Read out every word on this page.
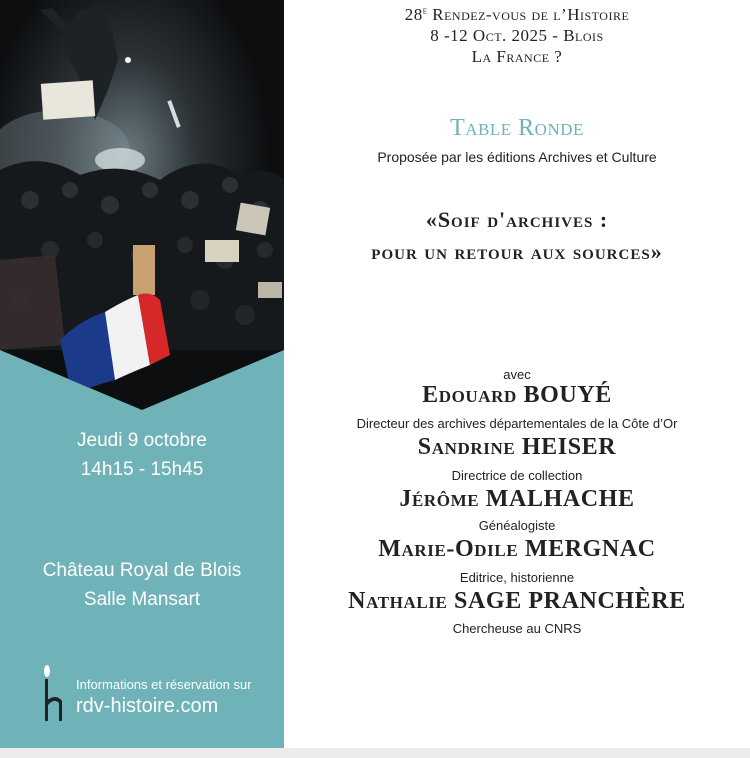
Jeudi 9 octobre
14h15 - 15h45
Château Royal de Blois
Salle Mansart
Informations et réservation sur
rdv-histoire.com
28e Rendez-vous de l’Histoire
8 -12 Oct. 2025 - Blois
La France ?
Table Ronde
Proposée par les éditions Archives et Culture
«Soif d'archives :
pour un retour aux sources»
avec
Edouard BOUYÉ
Directeur des archives départementales de la Côte d’Or
Sandrine HEISER
Directrice de collection
Jérôme MALHACHE
Généalogiste
Marie-Odile MERGNAC
Editrice, historienne
Nathalie SAGE PRANCHÈRE
Chercheuse au CNRS
